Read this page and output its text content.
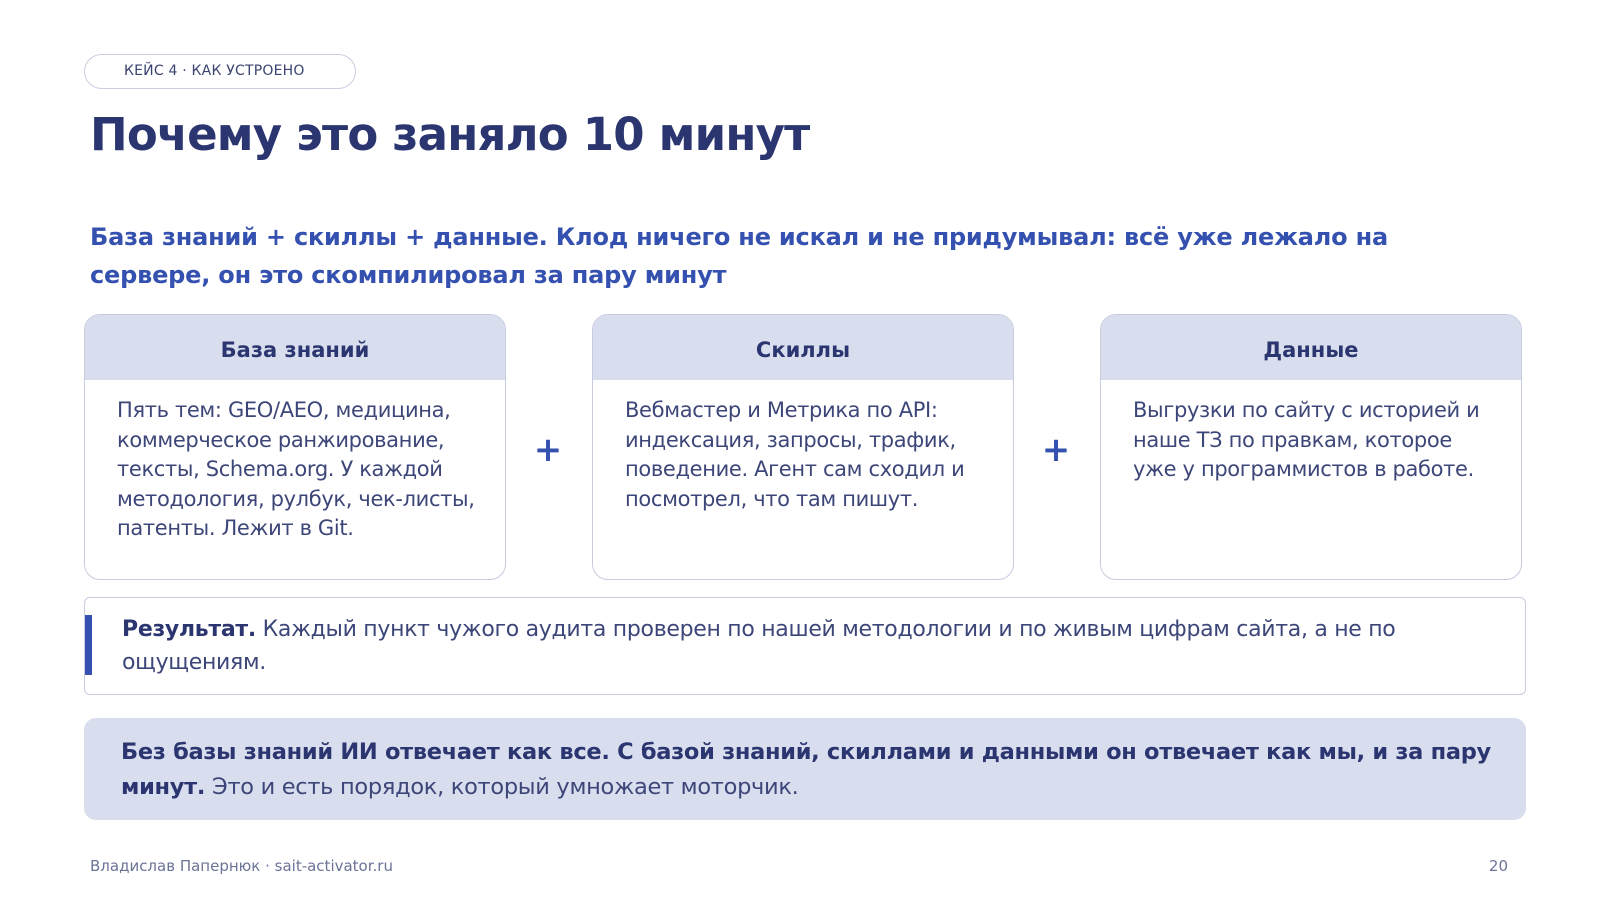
КЕЙС 4 · КАК УСТРОЕНО
Почему это заняло 10 минут

База знаний + скиллы + данные. Клод ничего не искал и не придумывал: всё уже лежало на сервере, он это скомпилировал за пару минут

База знаний
Пять тем: GEO/AEO, медицина, коммерческое ранжирование, тексты, Schema.org. У каждой методология, рулбук, чек-листы, патенты. Лежит в Git.
+
Скиллы
Вебмастер и Метрика по API: индексация, запросы, трафик, поведение. Агент сам сходил и посмотрел, что там пишут.
+
Данные
Выгрузки по сайту с историей и наше ТЗ по правкам, которое уже у программистов в работе.
Результат. Каждый пункт чужого аудита проверен по нашей методологии и по живым цифрам сайта, а не по ощущениям.
Без базы знаний ИИ отвечает как все. С базой знаний, скиллами и данными он отвечает как мы, и за пару минут. Это и есть порядок, который умножает моторчик.
Владислав Папернюк · sait-activator.ru	20
